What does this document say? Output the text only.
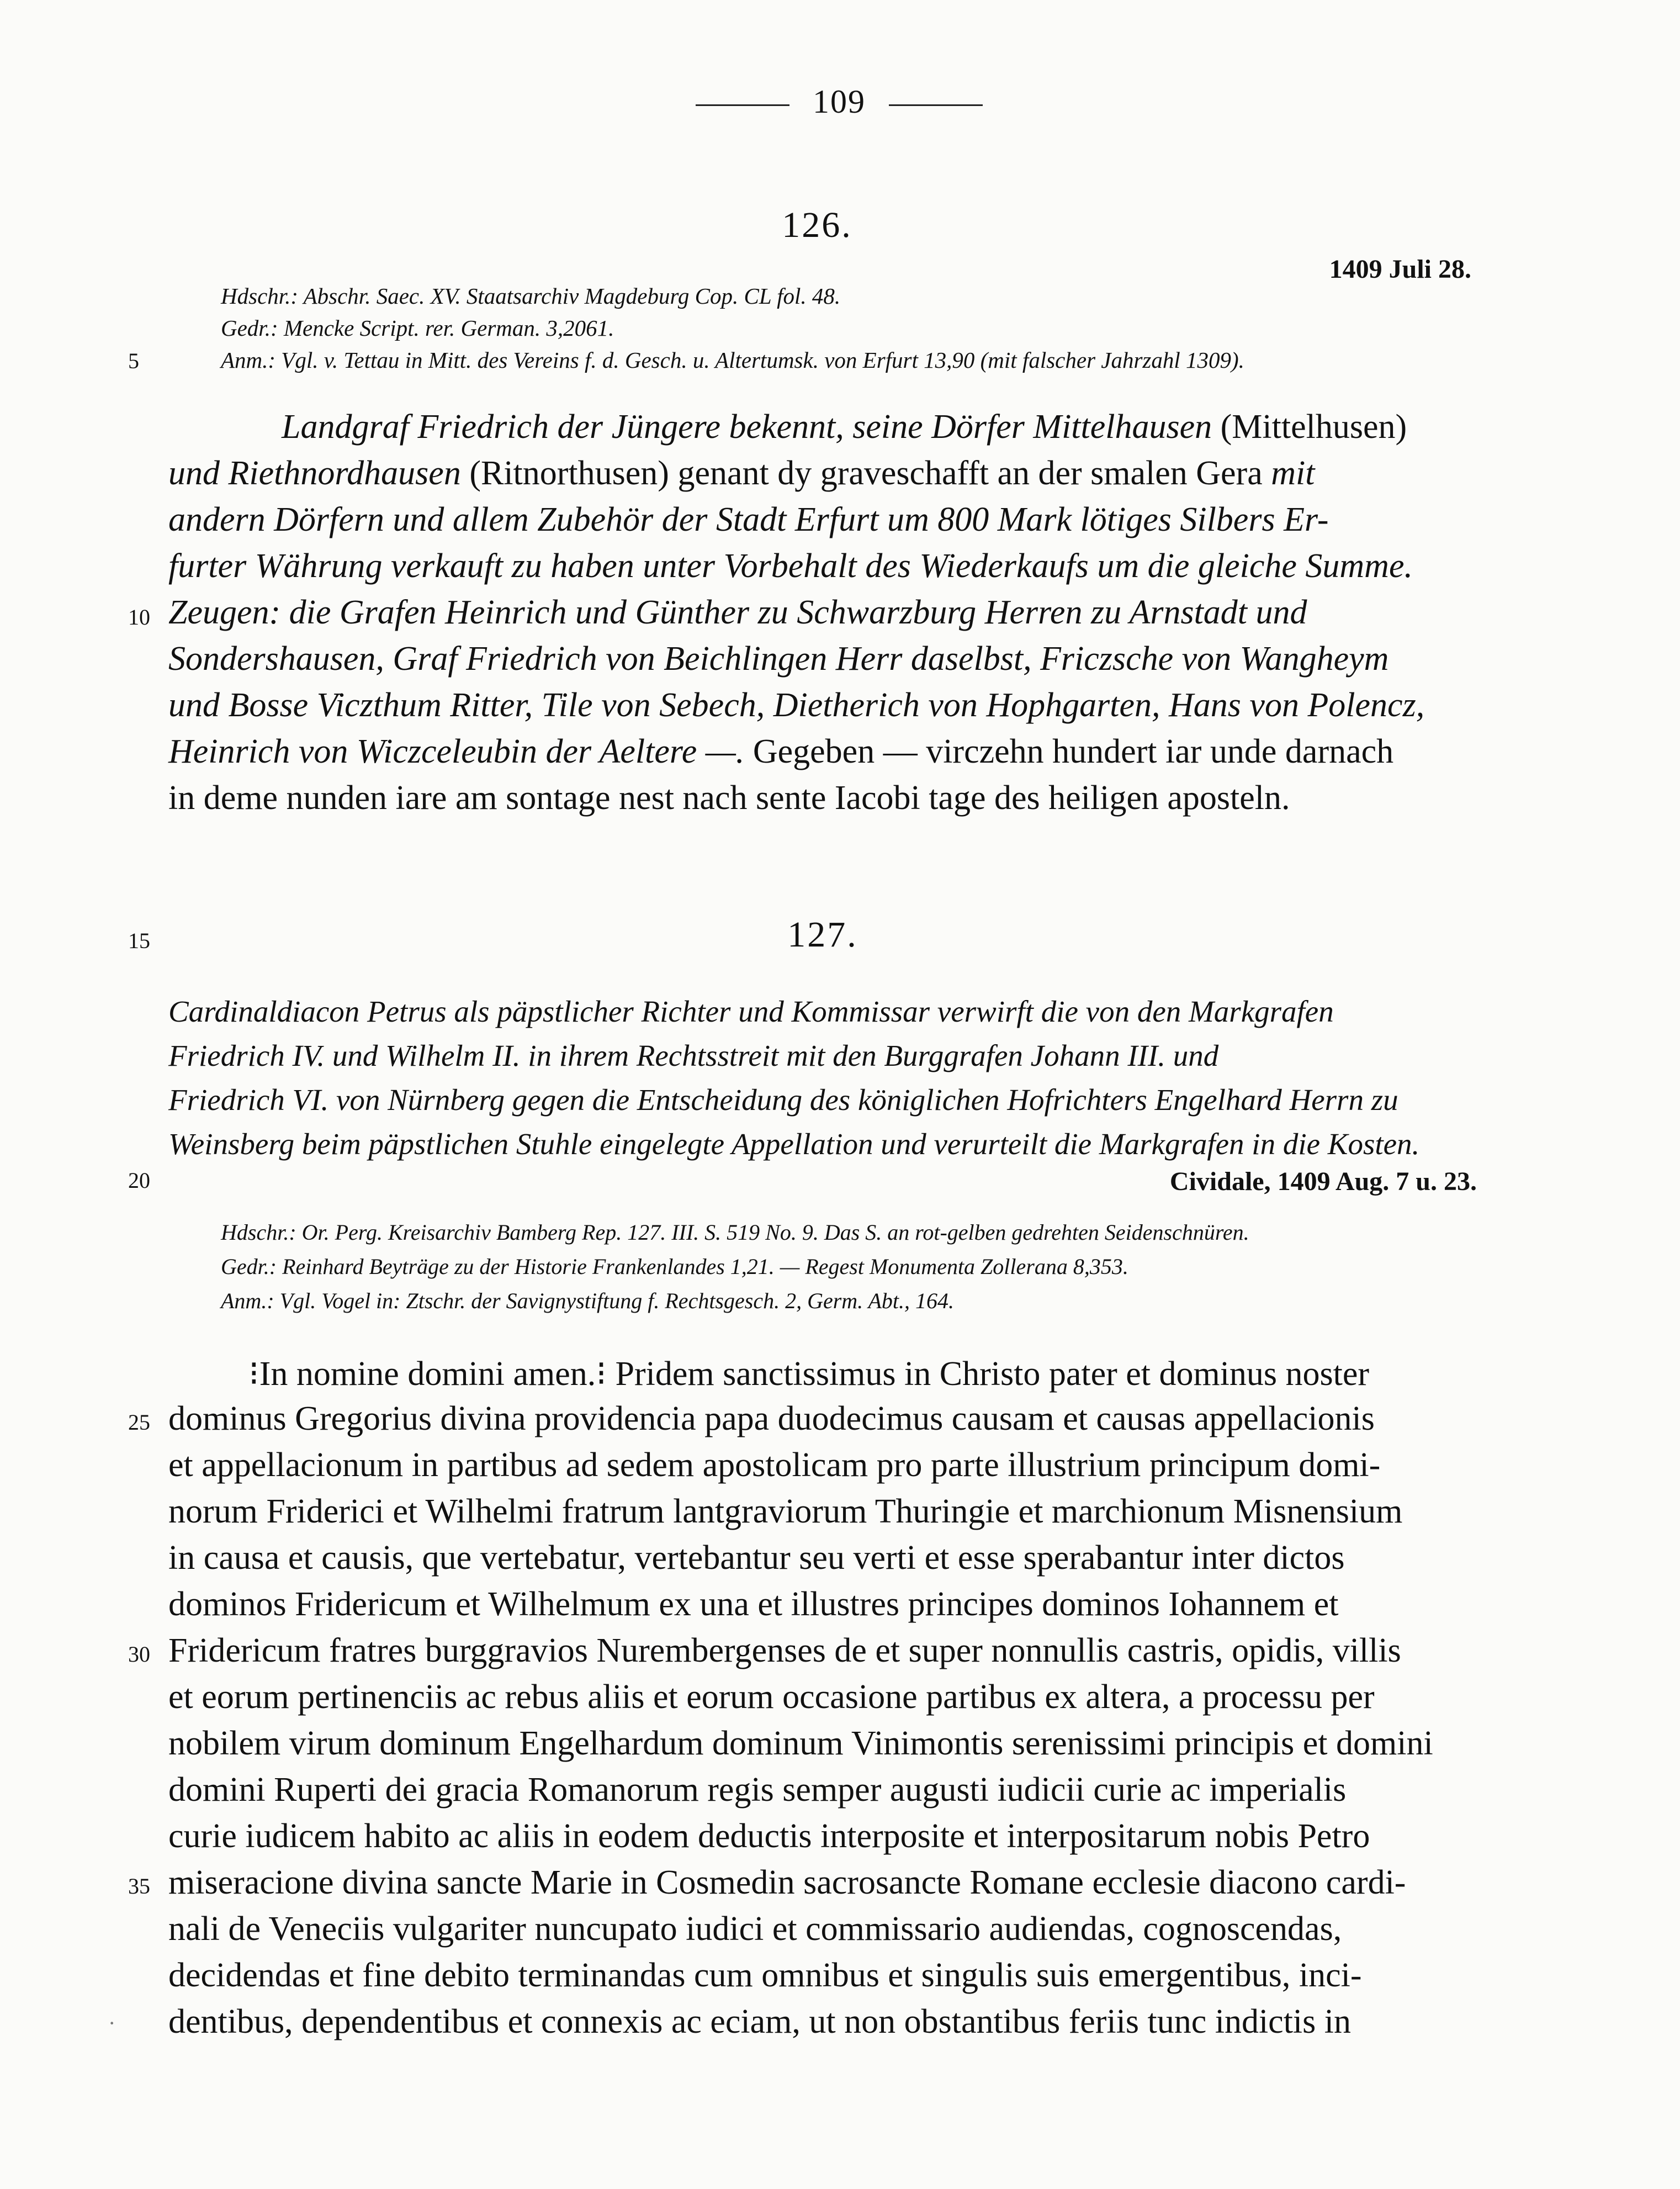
109
126.
1409 Juli 28.
Hdschr.: Abschr. Saec. XV. Staatsarchiv Magdeburg Cop. CL fol. 48.
Gedr.: Mencke Script. rer. German. 3,2061.
5	Anm.: Vgl. v. Tettau in Mitt. des Vereins f. d. Gesch. u. Altertumsk. von Erfurt 13,90 (mit falscher Jahrzahl 1309).
Landgraf Friedrich der Jüngere bekennt, seine Dörfer Mittelhausen (Mittelhusen)
und Riethnordhausen (Ritnorthusen) genant dy graveschafft an der smalen Gera mit
andern Dörfern und allem Zubehör der Stadt Erfurt um 800 Mark lötiges Silbers Er-
furter Währung verkauft zu haben unter Vorbehalt des Wiederkaufs um die gleiche Summe.
10 Zeugen: die Grafen Heinrich und Günther zu Schwarzburg Herren zu Arnstadt und
Sondershausen, Graf Friedrich von Beichlingen Herr daselbst, Friczsche von Wangheym
und Bosse Viczthum Ritter, Tile von Sebech, Dietherich von Hophgarten, Hans von Polencz,
Heinrich von Wiczceleubin der Aeltere —. Gegeben — virczehn hundert iar unde darnach
in deme nunden iare am sontage nest nach sente Iacobi tage des heiligen aposteln.
15	127.
Cardinaldiacon Petrus als päpstlicher Richter und Kommissar verwirft die von den Markgrafen
Friedrich IV. und Wilhelm II. in ihrem Rechtsstreit mit den Burggrafen Johann III. und
Friedrich VI. von Nürnberg gegen die Entscheidung des königlichen Hofrichters Engelhard Herrn zu
Weinsberg beim päpstlichen Stuhle eingelegte Appellation und verurteilt die Markgrafen in die Kosten.
20	Cividale, 1409 Aug. 7 u. 23.
Hdschr.: Or. Perg. Kreisarchiv Bamberg Rep. 127. III. S. 519 No. 9. Das S. an rot-gelben gedrehten Seidenschnüren.
Gedr.: Reinhard Beyträge zu der Historie Frankenlandes 1,21. — Regest Monumenta Zollerana 8,353.
Anm.: Vgl. Vogel in: Ztschr. der Savignystiftung f. Rechtsgesch. 2, Germ. Abt., 164.
⁝In nomine domini amen.⁝ Pridem sanctissimus in Christo pater et dominus noster
25 dominus Gregorius divina providencia papa duodecimus causam et causas appellacionis
et appellacionum in partibus ad sedem apostolicam pro parte illustrium principum domi-
norum Friderici et Wilhelmi fratrum lantgraviorum Thuringie et marchionum Misnensium
in causa et causis, que vertebatur, vertebantur seu verti et esse sperabantur inter dictos
dominos Fridericum et Wilhelmum ex una et illustres principes dominos Iohannem et
30 Fridericum fratres burggravios Nurembergenses de et super nonnullis castris, opidis, villis
et eorum pertinenciis ac rebus aliis et eorum occasione partibus ex altera, a processu per
nobilem virum dominum Engelhardum dominum Vinimontis serenissimi principis et domini
domini Ruperti dei gracia Romanorum regis semper augusti iudicii curie ac imperialis
curie iudicem habito ac aliis in eodem deductis interposite et interpositarum nobis Petro
35 miseracione divina sancte Marie in Cosmedin sacrosancte Romane ecclesie diacono cardi-
nali de Veneciis vulgariter nuncupato iudici et commissario audiendas, cognoscendas,
decidendas et fine debito terminandas cum omnibus et singulis suis emergentibus, inci-
· dentibus, dependentibus et connexis ac eciam, ut non obstantibus feriis tunc indictis in
